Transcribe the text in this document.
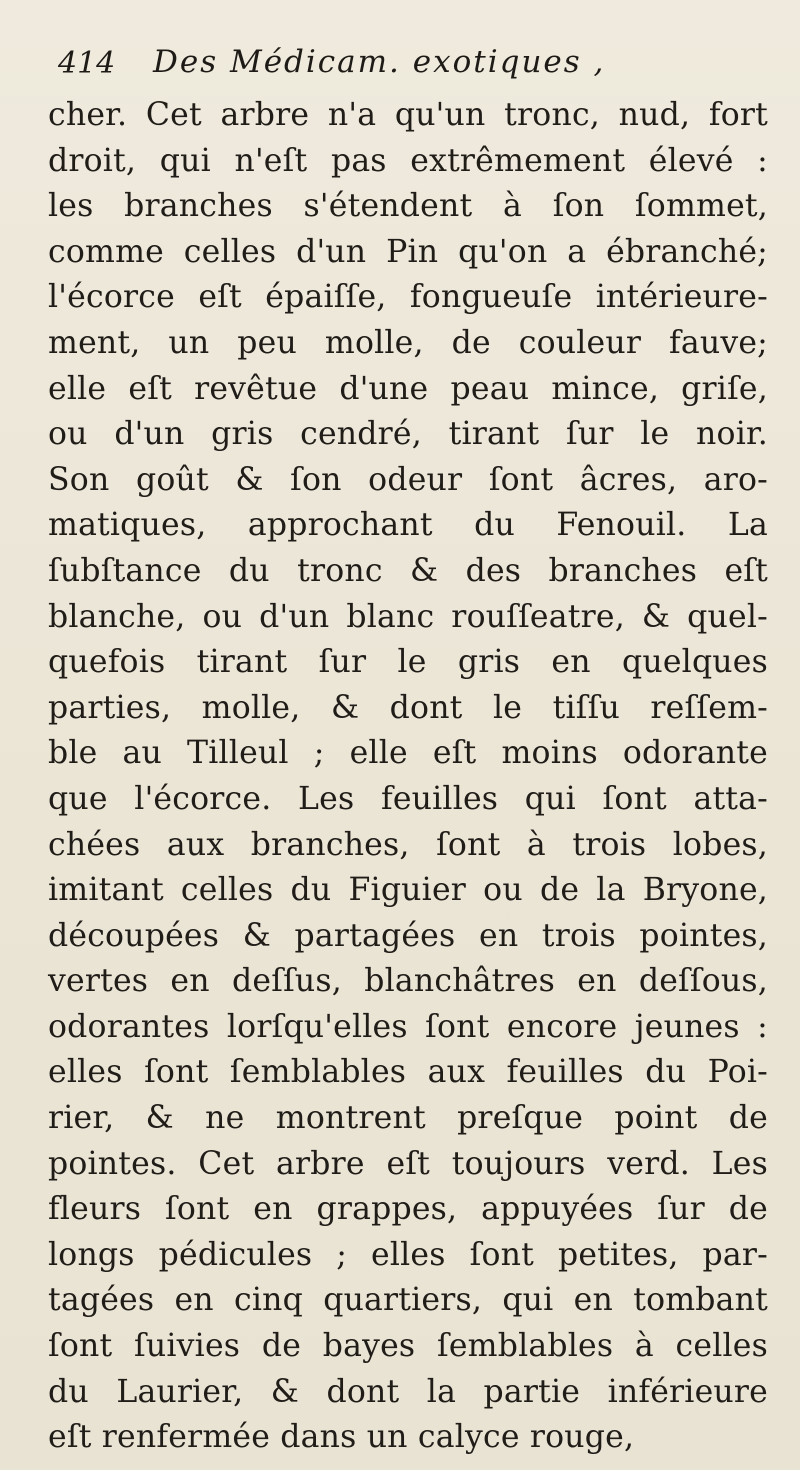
414 Des Médicam. exotiques ,
cher. Cet arbre n'a qu'un tronc, nud, fort
droit, qui n'eſt pas extrêmement élevé :
les branches s'étendent à ſon ſommet,
comme celles d'un Pin qu'on a ébranché;
l'écorce eſt épaiſſe, fongueuſe intérieure-
ment, un peu molle, de couleur fauve;
elle eſt revêtue d'une peau mince, griſe,
ou d'un gris cendré, tirant ſur le noir.
Son goût & ſon odeur ſont âcres, aro-
matiques, approchant du Fenouil. La
ſubſtance du tronc & des branches eſt
blanche, ou d'un blanc rouſſeatre, & quel-
quefois tirant ſur le gris en quelques
parties, molle, & dont le tiſſu reſſem-
ble au Tilleul ; elle eſt moins odorante
que l'écorce. Les feuilles qui ſont atta-
chées aux branches, ſont à trois lobes,
imitant celles du Figuier ou de la Bryone,
découpées & partagées en trois pointes,
vertes en deſſus, blanchâtres en deſſous,
odorantes lorſqu'elles ſont encore jeunes :
elles ſont ſemblables aux feuilles du Poi-
rier, & ne montrent preſque point de
pointes. Cet arbre eſt toujours verd. Les
fleurs ſont en grappes, appuyées ſur de
longs pédicules ; elles ſont petites, par-
tagées en cinq quartiers, qui en tombant
ſont ſuivies de bayes ſemblables à celles
du Laurier, & dont la partie inférieure
eſt renfermée dans un calyce rouge,
